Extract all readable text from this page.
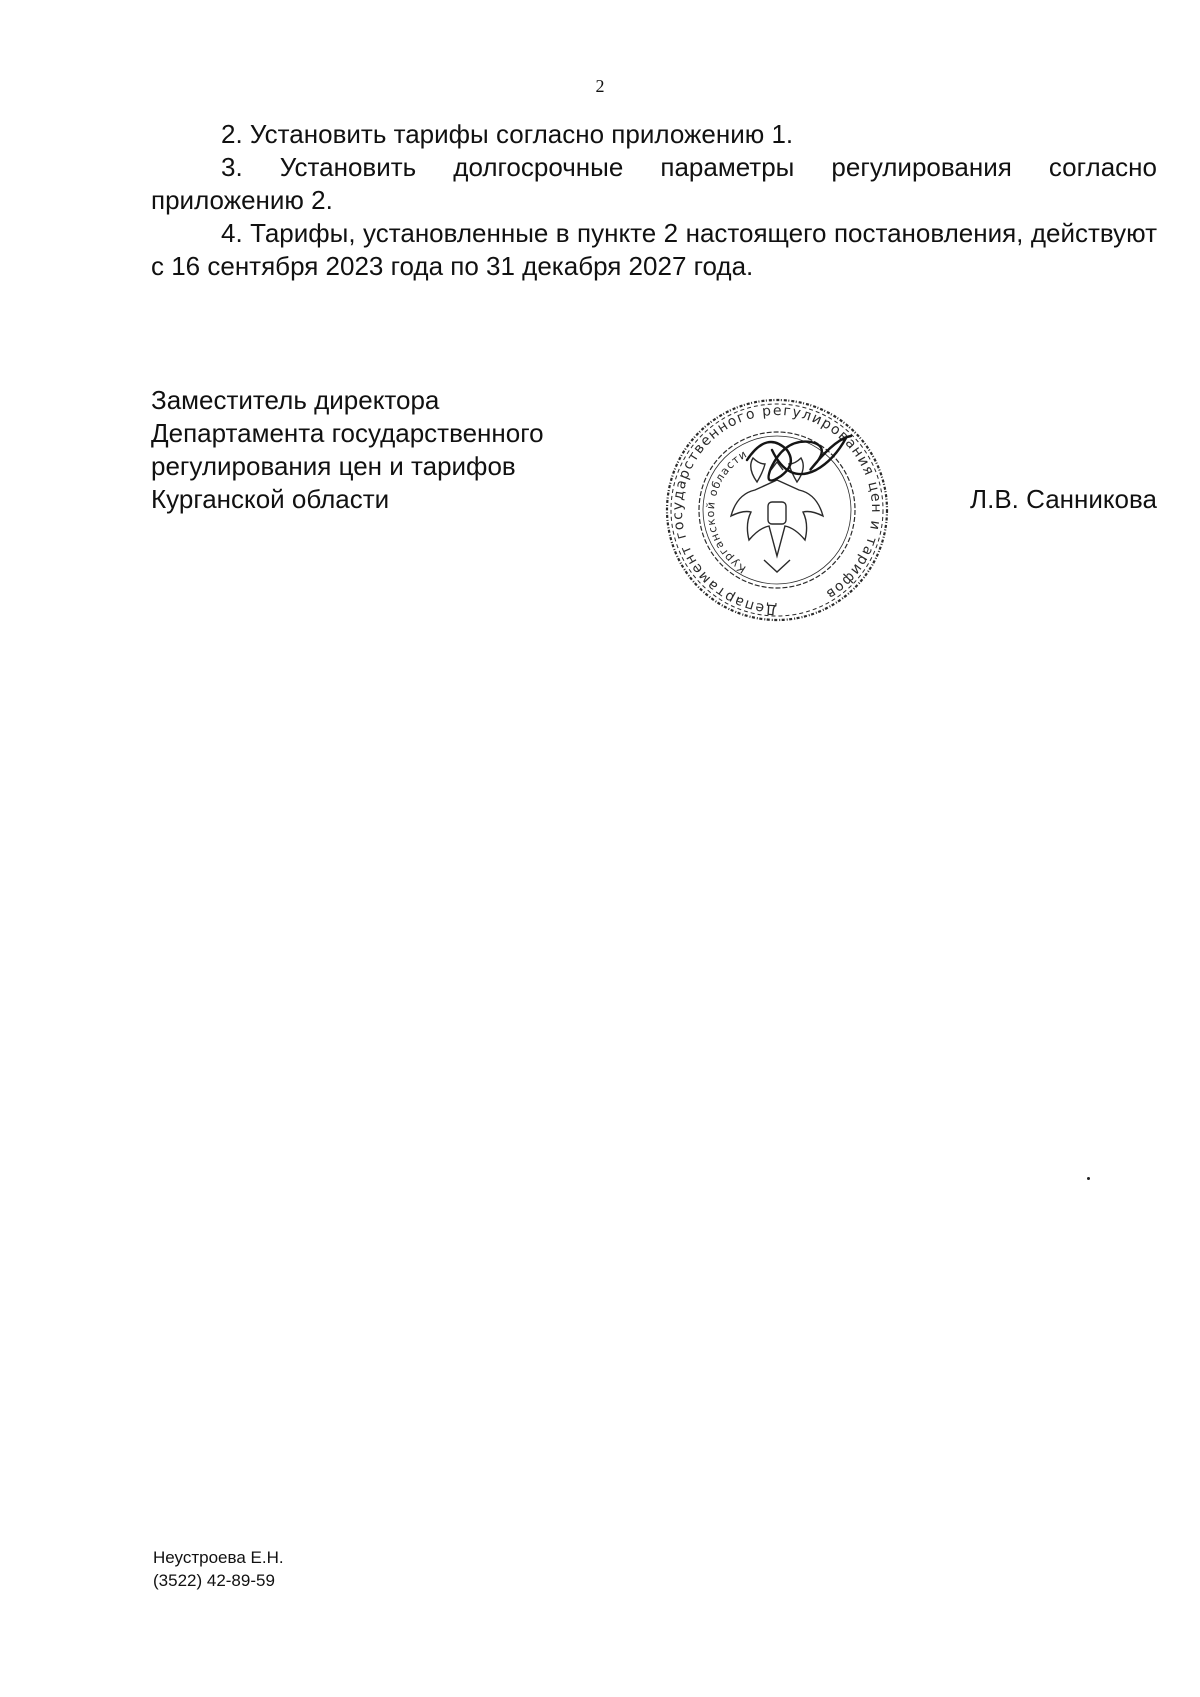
2

2. Установить тарифы согласно приложению 1.

3. Установить долгосрочные параметры регулирования согласно приложению 2.

4. Тарифы, установленные в пункте 2 настоящего постановления, действуют с 16 сентября 2023 года по 31 декабря 2027 года.

Заместитель директора
Департамента государственного
регулирования цен и тарифов
Курганской области
Департамент государственного регулирования цен и тарифов
Курганской области
Л.В. Санникова
Неустроева Е.Н.
(3522) 42-89-59
